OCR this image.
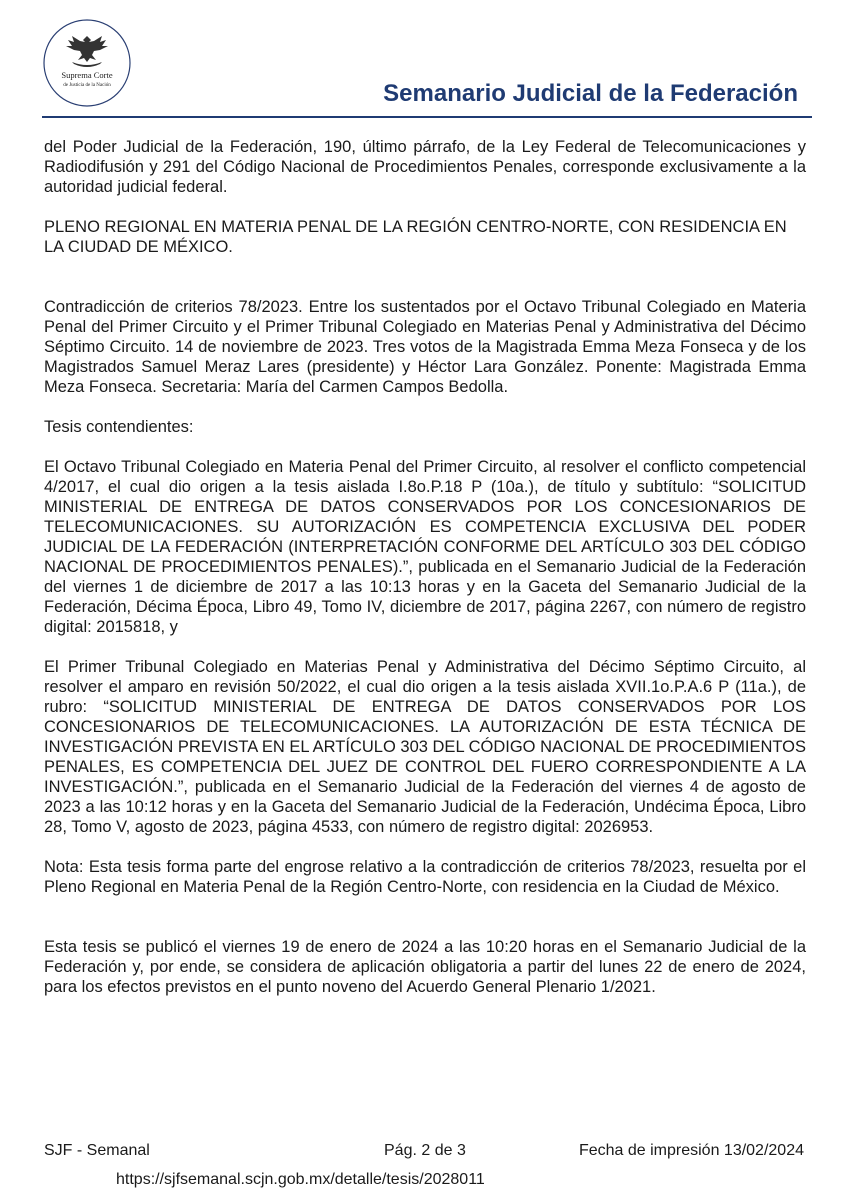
Suprema Corte
de Justicia de la Nación	Semanario Judicial de la Federación

del Poder Judicial de la Federación, 190, último párrafo, de la Ley Federal de Telecomunicaciones y Radiodifusión y 291 del Código Nacional de Procedimientos Penales, corresponde exclusivamente a la autoridad judicial federal.

PLENO REGIONAL EN MATERIA PENAL DE LA REGIÓN CENTRO-NORTE, CON RESIDENCIA EN LA CIUDAD DE MÉXICO.

Contradicción de criterios 78/2023. Entre los sustentados por el Octavo Tribunal Colegiado en Materia Penal del Primer Circuito y el Primer Tribunal Colegiado en Materias Penal y Administrativa del Décimo Séptimo Circuito. 14 de noviembre de 2023. Tres votos de la Magistrada Emma Meza Fonseca y de los Magistrados Samuel Meraz Lares (presidente) y Héctor Lara González. Ponente: Magistrada Emma Meza Fonseca. Secretaria: María del Carmen Campos Bedolla.

Tesis contendientes:

El Octavo Tribunal Colegiado en Materia Penal del Primer Circuito, al resolver el conflicto competencial 4/2017, el cual dio origen a la tesis aislada I.8o.P.18 P (10a.), de título y subtítulo: “SOLICITUD MINISTERIAL DE ENTREGA DE DATOS CONSERVADOS POR LOS CONCESIONARIOS DE TELECOMUNICACIONES. SU AUTORIZACIÓN ES COMPETENCIA EXCLUSIVA DEL PODER JUDICIAL DE LA FEDERACIÓN (INTERPRETACIÓN CONFORME DEL ARTÍCULO 303 DEL CÓDIGO NACIONAL DE PROCEDIMIENTOS PENALES).”, publicada en el Semanario Judicial de la Federación del viernes 1 de diciembre de 2017 a las 10:13 horas y en la Gaceta del Semanario Judicial de la Federación, Décima Época, Libro 49, Tomo IV, diciembre de 2017, página 2267, con número de registro digital: 2015818, y

El Primer Tribunal Colegiado en Materias Penal y Administrativa del Décimo Séptimo Circuito, al resolver el amparo en revisión 50/2022, el cual dio origen a la tesis aislada XVII.1o.P.A.6 P (11a.), de rubro: “SOLICITUD MINISTERIAL DE ENTREGA DE DATOS CONSERVADOS POR LOS CONCESIONARIOS DE TELECOMUNICACIONES. LA AUTORIZACIÓN DE ESTA TÉCNICA DE INVESTIGACIÓN PREVISTA EN EL ARTÍCULO 303 DEL CÓDIGO NACIONAL DE PROCEDIMIENTOS PENALES, ES COMPETENCIA DEL JUEZ DE CONTROL DEL FUERO CORRESPONDIENTE A LA INVESTIGACIÓN.”, publicada en el Semanario Judicial de la Federación del viernes 4 de agosto de 2023 a las 10:12 horas y en la Gaceta del Semanario Judicial de la Federación, Undécima Época, Libro 28, Tomo V, agosto de 2023, página 4533, con número de registro digital: 2026953.

Nota: Esta tesis forma parte del engrose relativo a la contradicción de criterios 78/2023, resuelta por el Pleno Regional en Materia Penal de la Región Centro-Norte, con residencia en la Ciudad de México.

Esta tesis se publicó el viernes 19 de enero de 2024 a las 10:20 horas en el Semanario Judicial de la Federación y, por ende, se considera de aplicación obligatoria a partir del lunes 22 de enero de 2024, para los efectos previstos en el punto noveno del Acuerdo General Plenario 1/2021.

SJF - Semanal	Pág. 2 de 3	Fecha de impresión 13/02/2024
https://sjfsemanal.scjn.gob.mx/detalle/tesis/2028011
